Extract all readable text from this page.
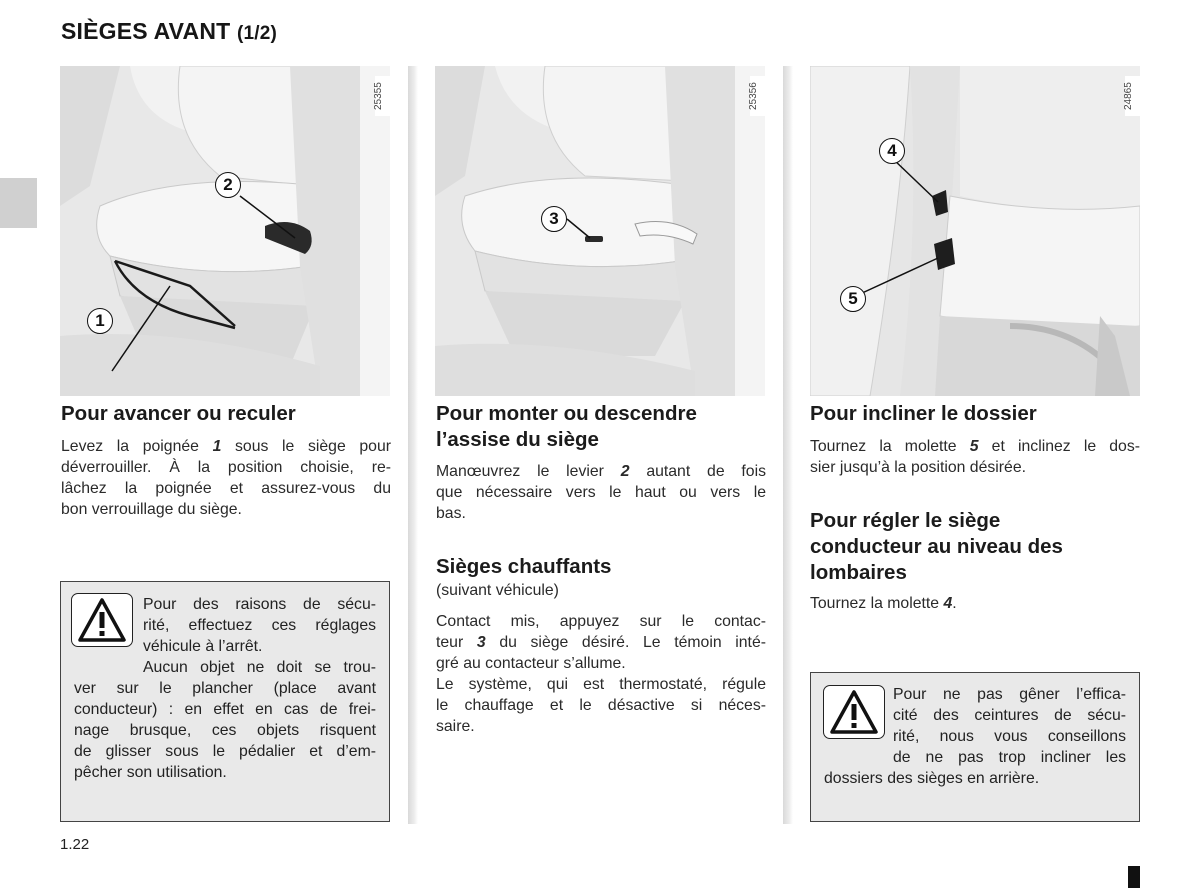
SIÈGES AVANT (1/2)
25355
1
2
Pour avancer ou reculer
Levez la poignée 1 sous le siège pour
déverrouiller. À la position choisie, re-
lâchez la poignée et assurez-vous du
bon verrouillage du siège.
Pour des raisons de sécu-
rité, effectuez ces réglages
véhicule à l’arrêt.
Aucun objet ne doit se trou-
ver sur le plancher (place avant
conducteur) : en effet en cas de frei-
nage brusque, ces objets risquent
de glisser sous le pédalier et d’em-
pêcher son utilisation.
25356
3
Pour monter ou descendre
l’assise du siège
Manœuvrez le levier 2 autant de fois
que nécessaire vers le haut ou vers le
bas.
Sièges chauffants
(suivant véhicule)
Contact mis, appuyez sur le contac-
teur 3 du siège désiré. Le témoin inté-
gré au contacteur s’allume.
Le système, qui est thermostaté, régule
le chauffage et le désactive si néces-
saire.
24865
4
5
Pour incliner le dossier
Tournez la molette 5 et inclinez le dos-
sier jusqu’à la position désirée.
Pour régler le siège
conducteur au niveau des
lombaires
Tournez la molette 4.
Pour ne pas gêner l’effica-
cité des ceintures de sécu-
rité, nous vous conseillons
de ne pas trop incliner les
dossiers des sièges en arrière.
1.22
